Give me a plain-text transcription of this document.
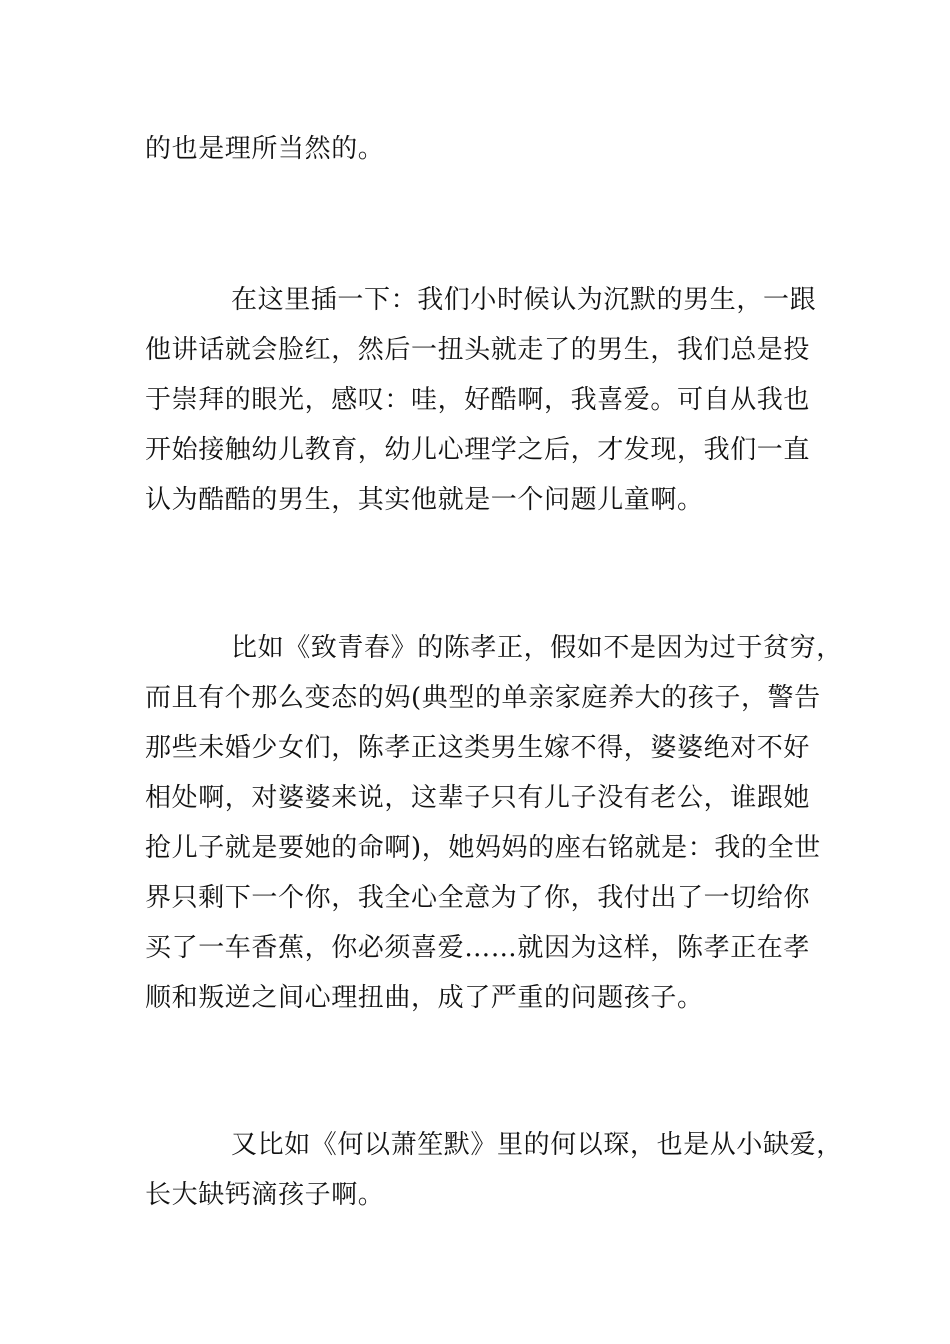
的也是理所当然的。
在这里插一下：我们小时候认为沉默的男生，一跟
他讲话就会脸红，然后一扭头就走了的男生，我们总是投
于崇拜的眼光，感叹：哇，好酷啊，我喜爱。可自从我也
开始接触幼儿教育，幼儿心理学之后，才发现，我们一直
认为酷酷的男生，其实他就是一个问题儿童啊。
比如《致青春》的陈孝正，假如不是因为过于贫穷，
而且有个那么变态的妈(典型的单亲家庭养大的孩子，警告
那些未婚少女们，陈孝正这类男生嫁不得，婆婆绝对不好
相处啊，对婆婆来说，这辈子只有儿子没有老公，谁跟她
抢儿子就是要她的命啊)，她妈妈的座右铭就是：我的全世
界只剩下一个你，我全心全意为了你，我付出了一切给你
买了一车香蕉，你必须喜爱……就因为这样，陈孝正在孝
顺和叛逆之间心理扭曲，成了严重的问题孩子。
又比如《何以萧笙默》里的何以琛，也是从小缺爱，
长大缺钙滴孩子啊。
